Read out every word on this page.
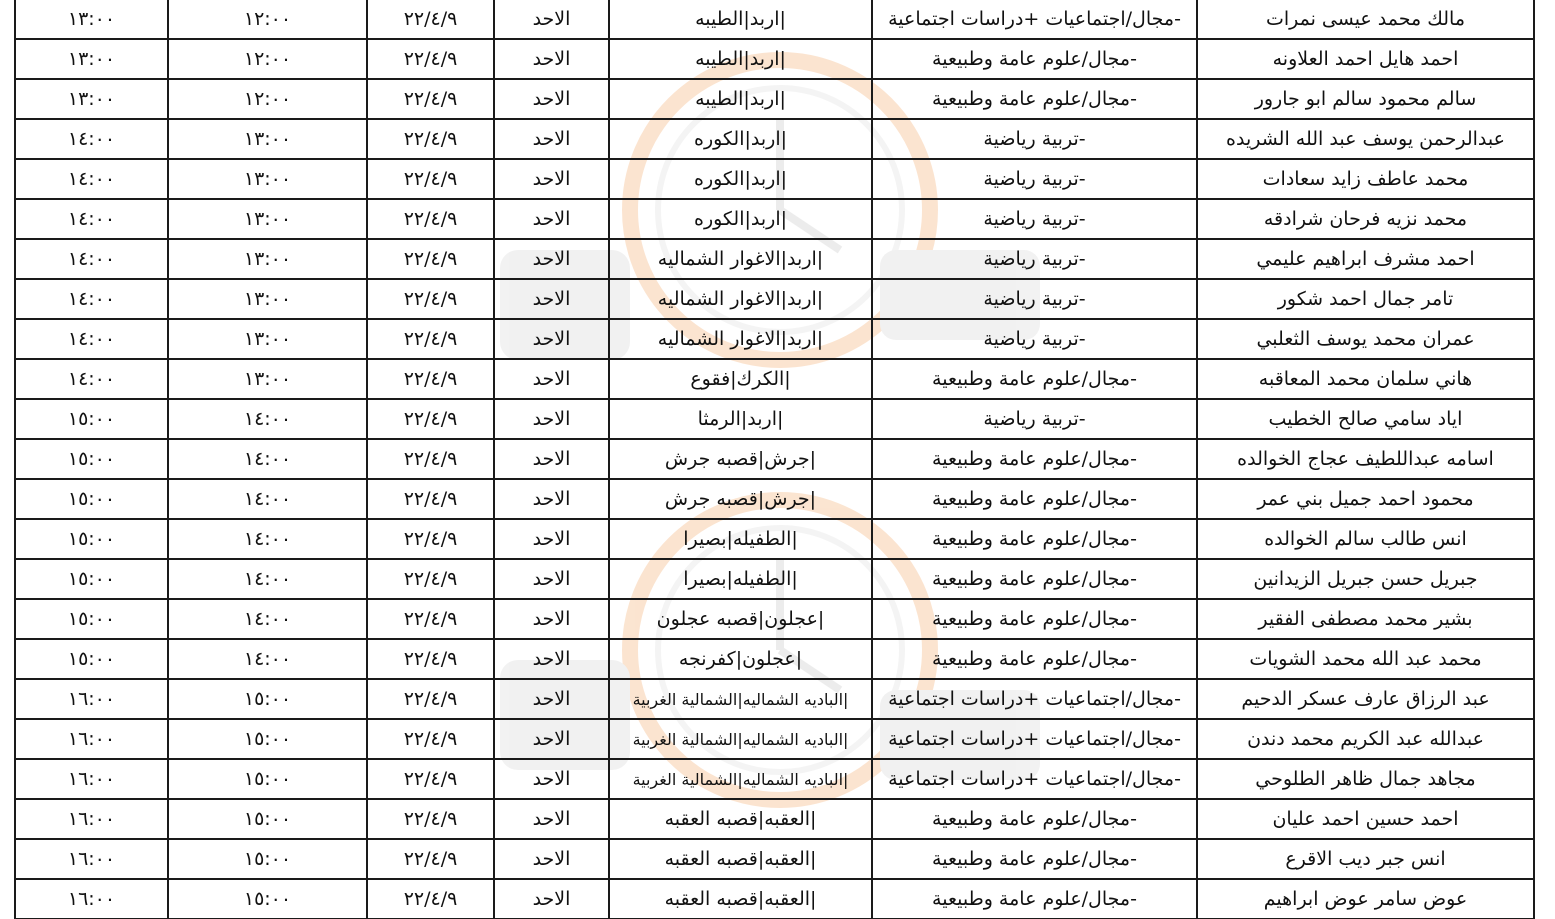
مالك محمد عيسى نمرات	-مجال/اجتماعيات +دراسات اجتماعية	|اربد|الطيبه	الاحد	٢٢/٤/٩	١٢:٠٠	١٣:٠٠
احمد هايل احمد العلاونه	-مجال/علوم عامة وطبيعية	|اربد|الطيبه	الاحد	٢٢/٤/٩	١٢:٠٠	١٣:٠٠
سالم محمود سالم ابو جارور	-مجال/علوم عامة وطبيعية	|اربد|الطيبه	الاحد	٢٢/٤/٩	١٢:٠٠	١٣:٠٠
عبدالرحمن يوسف عبد الله الشريده	-تربية رياضية	|اربد|الكوره	الاحد	٢٢/٤/٩	١٣:٠٠	١٤:٠٠
محمد عاطف زايد سعادات	-تربية رياضية	|اربد|الكوره	الاحد	٢٢/٤/٩	١٣:٠٠	١٤:٠٠
محمد نزيه فرحان شرادقه	-تربية رياضية	|اربد|الكوره	الاحد	٢٢/٤/٩	١٣:٠٠	١٤:٠٠
احمد مشرف ابراهيم عليمي	-تربية رياضية	|اربد|الاغوار الشماليه	الاحد	٢٢/٤/٩	١٣:٠٠	١٤:٠٠
تامر جمال احمد شكور	-تربية رياضية	|اربد|الاغوار الشماليه	الاحد	٢٢/٤/٩	١٣:٠٠	١٤:٠٠
عمران محمد يوسف الثعلبي	-تربية رياضية	|اربد|الاغوار الشماليه	الاحد	٢٢/٤/٩	١٣:٠٠	١٤:٠٠
هاني سلمان محمد المعاقبه	-مجال/علوم عامة وطبيعية	|الكرك|فقوع	الاحد	٢٢/٤/٩	١٣:٠٠	١٤:٠٠
اياد سامي صالح الخطيب	-تربية رياضية	|اربد|الرمثا	الاحد	٢٢/٤/٩	١٤:٠٠	١٥:٠٠
اسامه عبداللطيف عجاج الخوالده	-مجال/علوم عامة وطبيعية	|جرش|قصبه جرش	الاحد	٢٢/٤/٩	١٤:٠٠	١٥:٠٠
محمود احمد جميل بني عمر	-مجال/علوم عامة وطبيعية	|جرش|قصبه جرش	الاحد	٢٢/٤/٩	١٤:٠٠	١٥:٠٠
انس طالب سالم الخوالده	-مجال/علوم عامة وطبيعية	|الطفيله|بصيرا	الاحد	٢٢/٤/٩	١٤:٠٠	١٥:٠٠
جبريل حسن جبريل الزيدانين	-مجال/علوم عامة وطبيعية	|الطفيله|بصيرا	الاحد	٢٢/٤/٩	١٤:٠٠	١٥:٠٠
بشير محمد مصطفى الفقير	-مجال/علوم عامة وطبيعية	|عجلون|قصبه عجلون	الاحد	٢٢/٤/٩	١٤:٠٠	١٥:٠٠
محمد عبد الله محمد الشويات	-مجال/علوم عامة وطبيعية	|عجلون|كفرنجه	الاحد	٢٢/٤/٩	١٤:٠٠	١٥:٠٠
عبد الرزاق عارف عسكر الدحيم	-مجال/اجتماعيات +دراسات اجتماعية	|الباديه الشماليه|الشمالية الغربية	الاحد	٢٢/٤/٩	١٥:٠٠	١٦:٠٠
عبدالله عبد الكريم محمد دندن	-مجال/اجتماعيات +دراسات اجتماعية	|الباديه الشماليه|الشمالية الغربية	الاحد	٢٢/٤/٩	١٥:٠٠	١٦:٠٠
مجاهد جمال ظاهر الطلوحي	-مجال/اجتماعيات +دراسات اجتماعية	|الباديه الشماليه|الشمالية الغربية	الاحد	٢٢/٤/٩	١٥:٠٠	١٦:٠٠
احمد حسين احمد عليان	-مجال/علوم عامة وطبيعية	|العقبه|قصبه العقبه	الاحد	٢٢/٤/٩	١٥:٠٠	١٦:٠٠
انس جبر ديب الاقرع	-مجال/علوم عامة وطبيعية	|العقبه|قصبه العقبه	الاحد	٢٢/٤/٩	١٥:٠٠	١٦:٠٠
عوض سامر عوض ابراهيم	-مجال/علوم عامة وطبيعية	|العقبه|قصبه العقبه	الاحد	٢٢/٤/٩	١٥:٠٠	١٦:٠٠
